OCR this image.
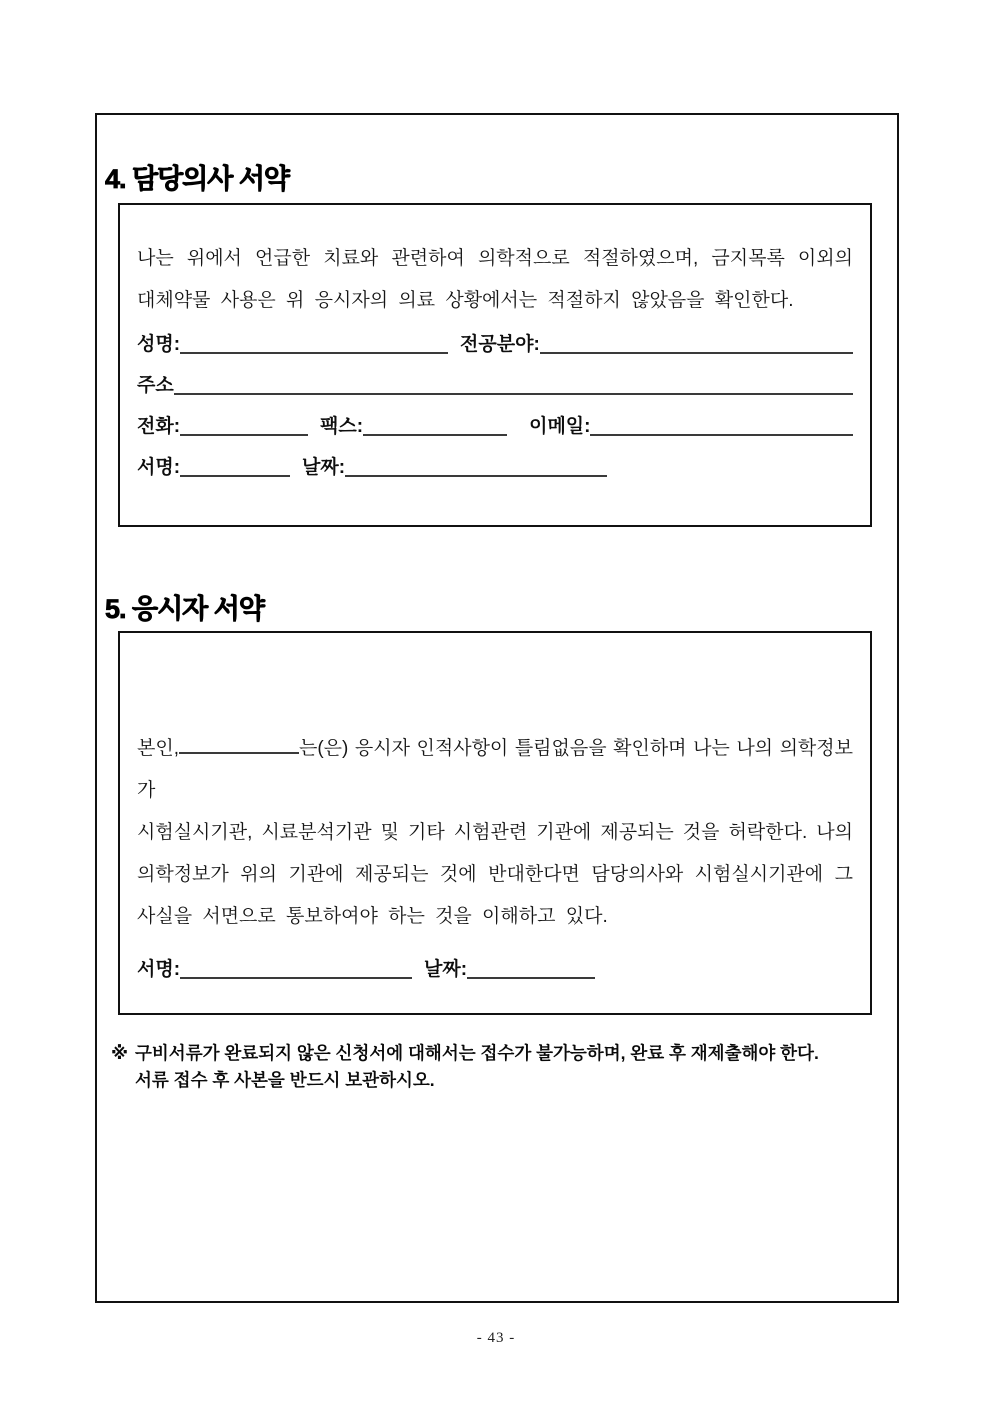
4. 담당의사 서약
나는 위에서 언급한 치료와 관련하여 의학적으로 적절하였으며, 금지목록 이외의
대체약물 사용은 위 응시자의 의료 상황에서는 적절하지 않았음을 확인한다.
성명:	전공분야:
주소
전화:	팩스:	이메일:
서명:	날짜:
5. 응시자 서약
본인,	는(은) 응시자 인적사항이 틀림없음을 확인하며 나는 나의 의학정보가
시험실시기관, 시료분석기관 및 기타 시험관련 기관에 제공되는 것을 허락한다. 나의
의학정보가 위의 기관에 제공되는 것에 반대한다면 담당의사와 시험실시기관에 그
사실을 서면으로 통보하여야 하는 것을 이해하고 있다.
서명:	날짜:
※ 구비서류가 완료되지 않은 신청서에 대해서는 접수가 불가능하며, 완료 후 재제출해야 한다.
서류 접수 후 사본을 반드시 보관하시오.
- 43 -
